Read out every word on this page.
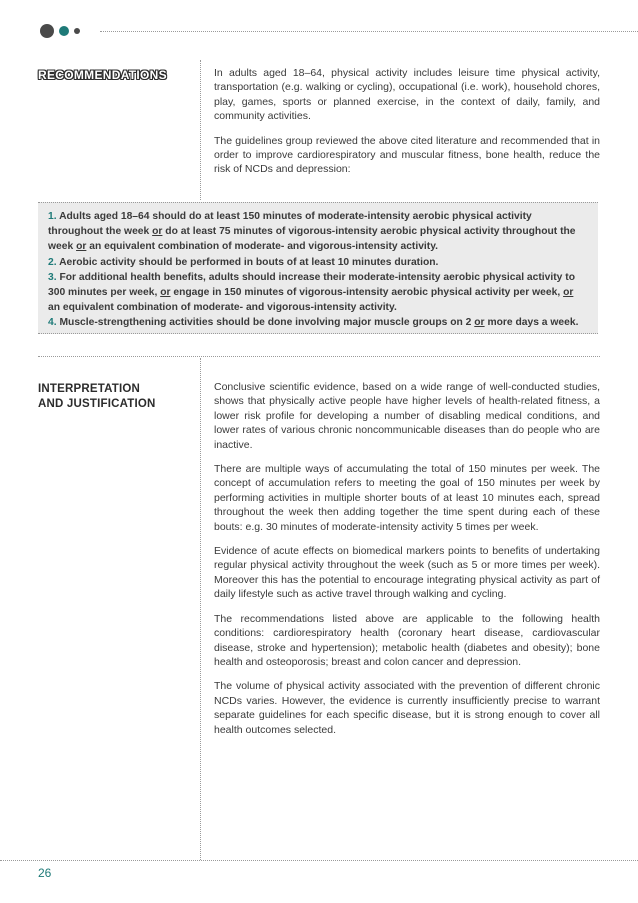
RECOMMENDATIONS	In adults aged 18–64, physical activity includes leisure time physical activity, transportation (e.g. walking or cycling), occupational (i.e. work), household chores, play, games, sports or planned exercise, in the context of daily, family, and community activities.

The guidelines group reviewed the above cited literature and recommended that in order to improve cardiorespiratory and muscular fitness, bone health, reduce the risk of NCDs and depression:

1. Adults aged 18–64 should do at least 150 minutes of moderate-intensity aerobic physical activity throughout the week or do at least 75 minutes of vigorous-intensity aerobic physical activity throughout the week or an equivalent combination of moderate- and vigorous-intensity activity.
2. Aerobic activity should be performed in bouts of at least 10 minutes duration.
3. For additional health benefits, adults should increase their moderate-intensity aerobic physical activity to 300 minutes per week, or engage in 150 minutes of vigorous-intensity aerobic physical activity per week, or an equivalent combination of moderate- and vigorous-intensity activity.
4. Muscle-strengthening activities should be done involving major muscle groups on 2 or more days a week.
INTERPRETATION
AND JUSTIFICATION

Conclusive scientific evidence, based on a wide range of well-conducted studies, shows that physically active people have higher levels of health-related fitness, a lower risk profile for developing a number of disabling medical conditions, and lower rates of various chronic noncommunicable diseases than do people who are inactive.

There are multiple ways of accumulating the total of 150 minutes per week. The concept of accumulation refers to meeting the goal of 150 minutes per week by performing activities in multiple shorter bouts of at least 10 minutes each, spread throughout the week then adding together the time spent during each of these bouts: e.g. 30 minutes of moderate-intensity activity 5 times per week.

Evidence of acute effects on biomedical markers points to benefits of undertaking regular physical activity throughout the week (such as 5 or more times per week). Moreover this has the potential to encourage integrating physical activity as part of daily lifestyle such as active travel through walking and cycling.

The recommendations listed above are applicable to the following health conditions: cardiorespiratory health (coronary heart disease, cardiovascular disease, stroke and hypertension); metabolic health (diabetes and obesity); bone health and osteoporosis; breast and colon cancer and depression.

The volume of physical activity associated with the prevention of different chronic NCDs varies. However, the evidence is currently insufficiently precise to warrant separate guidelines for each specific disease, but it is strong enough to cover all health outcomes selected.

26
